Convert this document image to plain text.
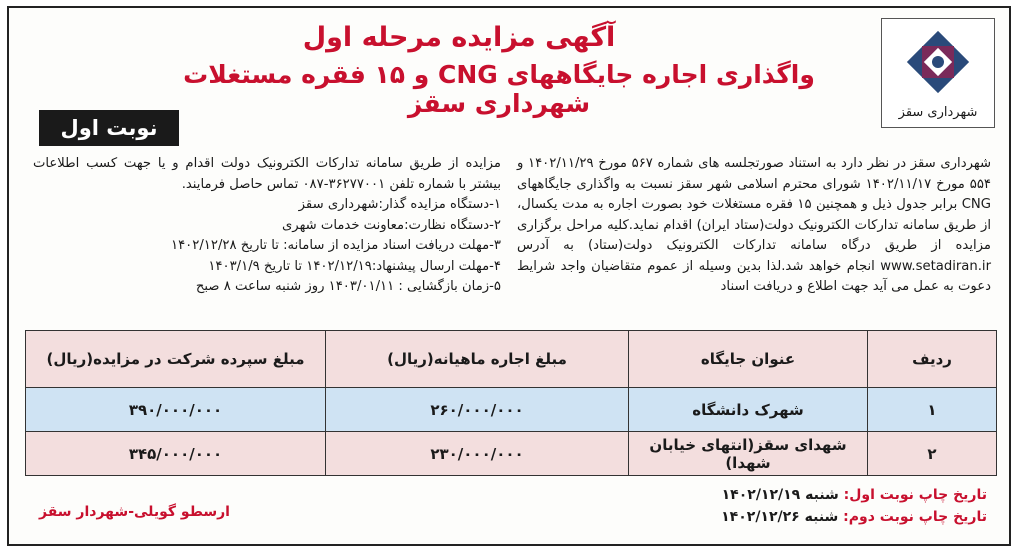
شهرداری سقز
آگهی مزایده مرحله اول
واگذاری اجاره جایگاههای CNG و ۱۵ فقره مستغلات شهرداری سقز
نوبت اول

شهرداری سقز در نظر دارد به استناد صورتجلسه های شماره ۵۶۷ مورخ ۱۴۰۲/۱۱/۲۹ و ۵۵۴ مورخ ۱۴۰۲/۱۱/۱۷ شورای محترم اسلامی شهر سقز نسبت به واگذاری جایگاههای CNG برابر جدول ذیل و همچنین ۱۵ فقره مستغلات خود بصورت اجاره به مدت یکسال، از طریق سامانه تدارکات الکترونیک دولت(ستاد ایران) اقدام نماید.کلیه مراحل برگزاری مزایده از طریق درگاه سامانه تدارکات الکترونیک دولت(ستاد) به آدرس www.setadiran.ir انجام خواهد شد.لذا بدین وسیله از عموم متقاضیان واجد شرایط دعوت به عمل می آید جهت اطلاع و دریافت اسناد

مزایده از طریق سامانه تدارکات الکترونیک دولت اقدام و یا جهت کسب اطلاعات بیشتر با شماره تلفن ۳۶۲۷۷۰۰۱-۰۸۷ تماس حاصل فرمایند.

۱-دستگاه مزایده گذار:شهرداری سقز

۲-دستگاه نظارت:معاونت خدمات شهری

۳-مهلت دریافت اسناد مزایده از سامانه: تا تاریخ ۱۴۰۲/۱۲/۲۸

۴-مهلت ارسال پیشنهاد:۱۴۰۲/۱۲/۱۹ تا تاریخ ۱۴۰۳/۱/۹

۵-زمان بازگشایی : ۱۴۰۳/۰۱/۱۱ روز شنبه ساعت ۸ صبح

ردیف	عنوان جایگاه	مبلغ اجاره ماهیانه(ریال)	مبلغ سپرده شرکت در مزایده(ریال)
۱	شهرک دانشگاه	۲۶۰/۰۰۰/۰۰۰	۳۹۰/۰۰۰/۰۰۰
۲	شهدای سقز(انتهای خیابان شهدا)	۲۳۰/۰۰۰/۰۰۰	۳۴۵/۰۰۰/۰۰۰
تاریخ چاپ نوبت اول: شنبه ۱۴۰۲/۱۲/۱۹
تاریخ چاپ نوبت دوم: شنبه ۱۴۰۲/۱۲/۲۶
ارسطو گویلی-شهردار سقز
